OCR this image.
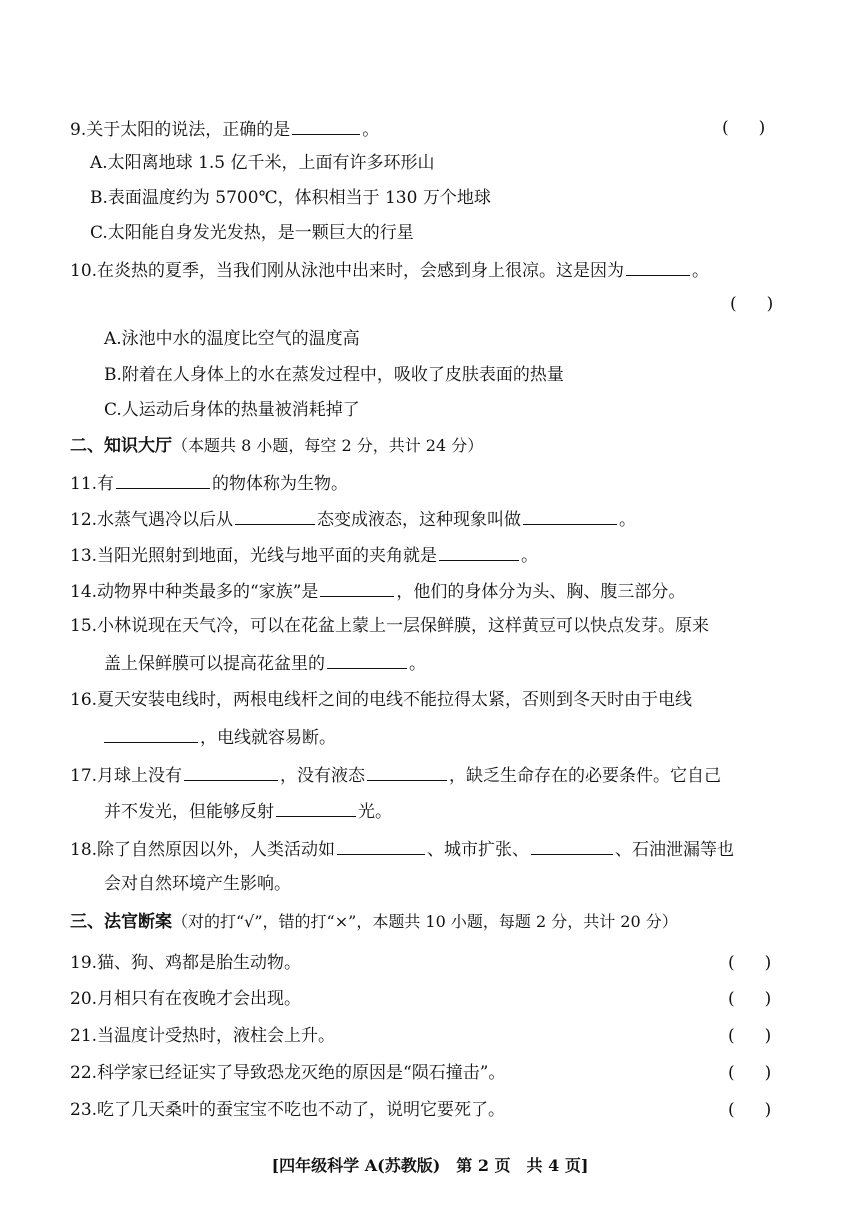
9.关于太阳的说法，正确的是	。	( )
A.太阳离地球 1.5 亿千米，上面有许多环形山
B.表面温度约为 5700℃，体积相当于 130 万个地球
C.太阳能自身发光发热，是一颗巨大的行星
10.在炎热的夏季，当我们刚从泳池中出来时，会感到身上很凉。这是因为	。
( )
A.泳池中水的温度比空气的温度高
B.附着在人身体上的水在蒸发过程中，吸收了皮肤表面的热量
C.人运动后身体的热量被消耗掉了
二、知识大厅（本题共 8 小题，每空 2 分，共计 24 分）
11.有	的物体称为生物。
12.水蒸气遇冷以后从	态变成液态，这种现象叫做	。
13.当阳光照射到地面，光线与地平面的夹角就是	。
14.动物界中种类最多的“家族”是	，他们的身体分为头、胸、腹三部分。
15.小林说现在天气冷，可以在花盆上蒙上一层保鲜膜，这样黄豆可以快点发芽。原来
盖上保鲜膜可以提高花盆里的	。
16.夏天安装电线时，两根电线杆之间的电线不能拉得太紧，否则到冬天时由于电线
，电线就容易断。
17.月球上没有	，没有液态	，缺乏生命存在的必要条件。它自己
并不发光，但能够反射	光。
18.除了自然原因以外，人类活动如	、城市扩张、	、石油泄漏等也
会对自然环境产生影响。
三、法官断案（对的打“√”，错的打“×”，本题共 10 小题，每题 2 分，共计 20 分）
19.猫、狗、鸡都是胎生动物。	( )
20.月相只有在夜晚才会出现。	( )
21.当温度计受热时，液柱会上升。	( )
22.科学家已经证实了导致恐龙灭绝的原因是“陨石撞击”。	( )
23.吃了几天桑叶的蚕宝宝不吃也不动了，说明它要死了。	( )
[四年级科学 A(苏教版)　第 2 页　共 4 页]
